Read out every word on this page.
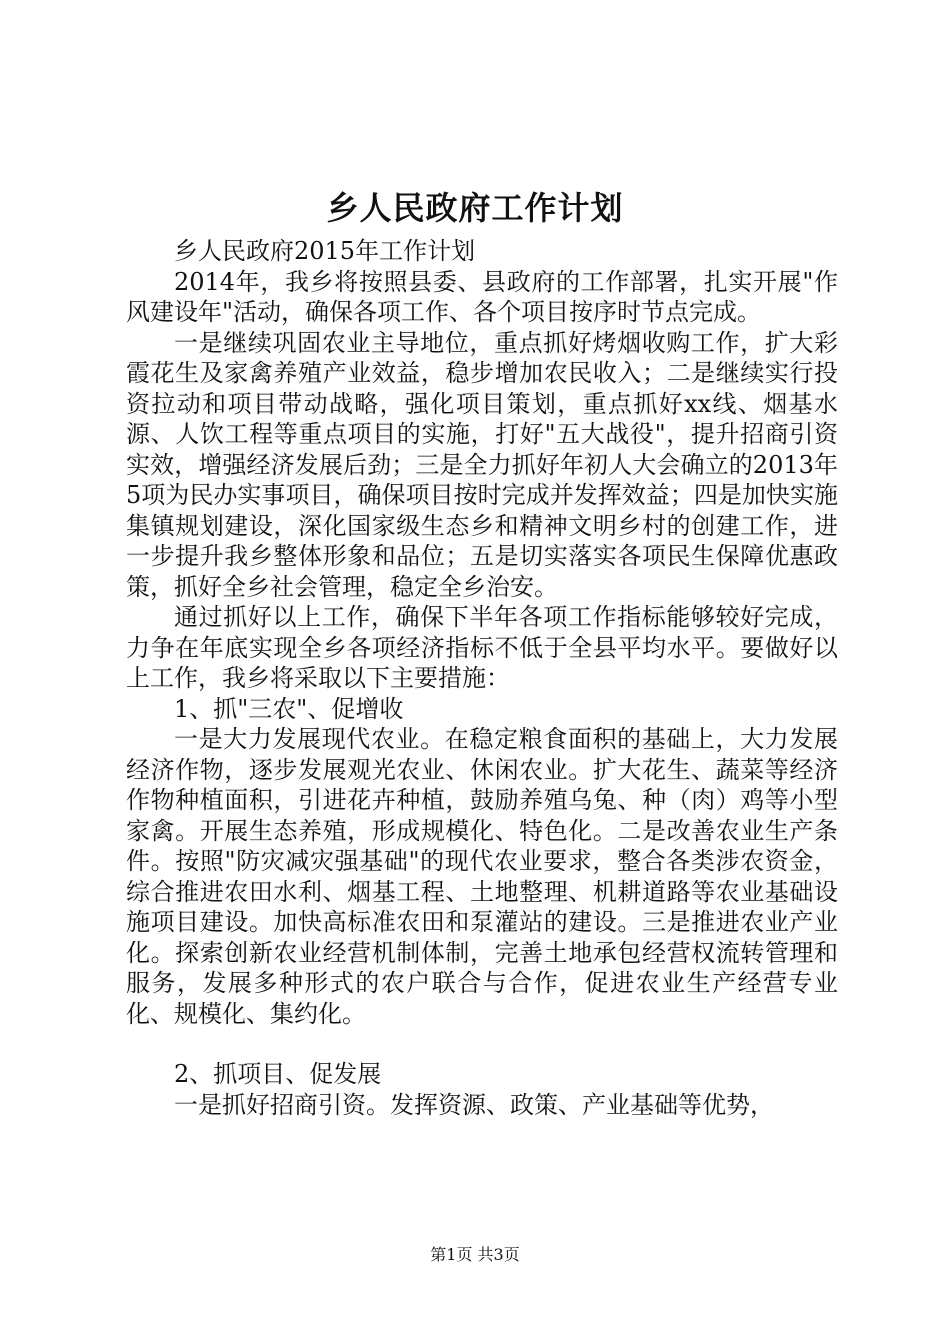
乡人民政府工作计划

乡人民政府2015年工作计划

2014年，我乡将按照县委、县政府的工作部署，扎实开展"作风建设年"活动，确保各项工作、各个项目按序时节点完成。

一是继续巩固农业主导地位，重点抓好烤烟收购工作，扩大彩霞花生及家禽养殖产业效益，稳步增加农民收入；二是继续实行投资拉动和项目带动战略，强化项目策划，重点抓好xx线、烟基水源、人饮工程等重点项目的实施，打好"五大战役"，提升招商引资实效，增强经济发展后劲；三是全力抓好年初人大会确立的2013年5项为民办实事项目，确保项目按时完成并发挥效益；四是加快实施集镇规划建设，深化国家级生态乡和精神文明乡村的创建工作，进一步提升我乡整体形象和品位；五是切实落实各项民生保障优惠政策，抓好全乡社会管理，稳定全乡治安。

通过抓好以上工作，确保下半年各项工作指标能够较好完成，力争在年底实现全乡各项经济指标不低于全县平均水平。要做好以上工作，我乡将采取以下主要措施：

1、抓"三农"、促增收

一是大力发展现代农业。在稳定粮食面积的基础上，大力发展经济作物，逐步发展观光农业、休闲农业。扩大花生、蔬菜等经济作物种植面积，引进花卉种植，鼓励养殖乌兔、种（肉）鸡等小型家禽。开展生态养殖，形成规模化、特色化。二是改善农业生产条件。按照"防灾减灾强基础"的现代农业要求，整合各类涉农资金，综合推进农田水利、烟基工程、土地整理、机耕道路等农业基础设施项目建设。加快高标准农田和泵灌站的建设。三是推进农业产业化。探索创新农业经营机制体制，完善土地承包经营权流转管理和服务，发展多种形式的农户联合与合作，促进农业生产经营专业化、规模化、集约化。

2、抓项目、促发展

一是抓好招商引资。发挥资源、政策、产业基础等优势，

第1页 共3页
